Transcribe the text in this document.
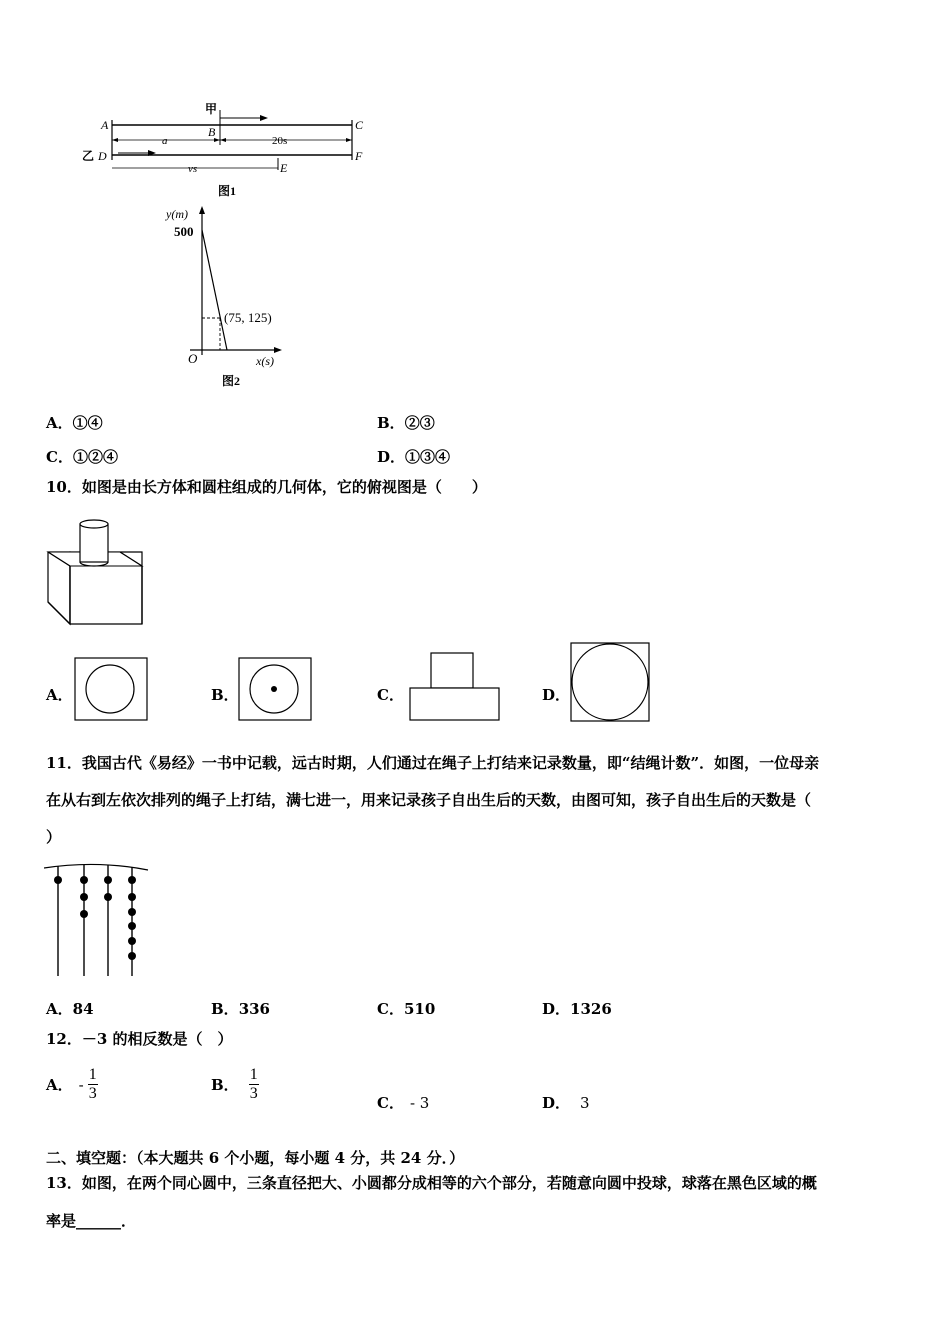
甲
A	B	C
乙 D
E
F
a	20s
vs
图1
y(m)
500
(75, 125)
O	x(s)
图2
A．①④	B．②③
C．①②④	D．①③④
10．如图是由长方体和圆柱组成的几何体，它的俯视图是（　　）
A．	B．	C．	D．
11．我国古代《易经》一书中记载，远古时期，人们通过在绳子上打结来记录数量，即“结绳计数”．如图，一位母亲
在从右到左依次排列的绳子上打结，满七进一，用来记录孩子自出生后的天数，由图可知，孩子自出生后的天数是（
）
A．84	B．336	C．510	D．1326
12．－3 的相反数是（　）
A． - $\frac{1}{3}$	B． $\frac{1}{3}$	C． - 3	D． 3
二、填空题：（本大题共 6 个小题，每小题 4 分，共 24 分．）
13．如图，在两个同心圆中，三条直径把大、小圆都分成相等的六个部分，若随意向圆中投球，球落在黑色区域的概
率是______．
